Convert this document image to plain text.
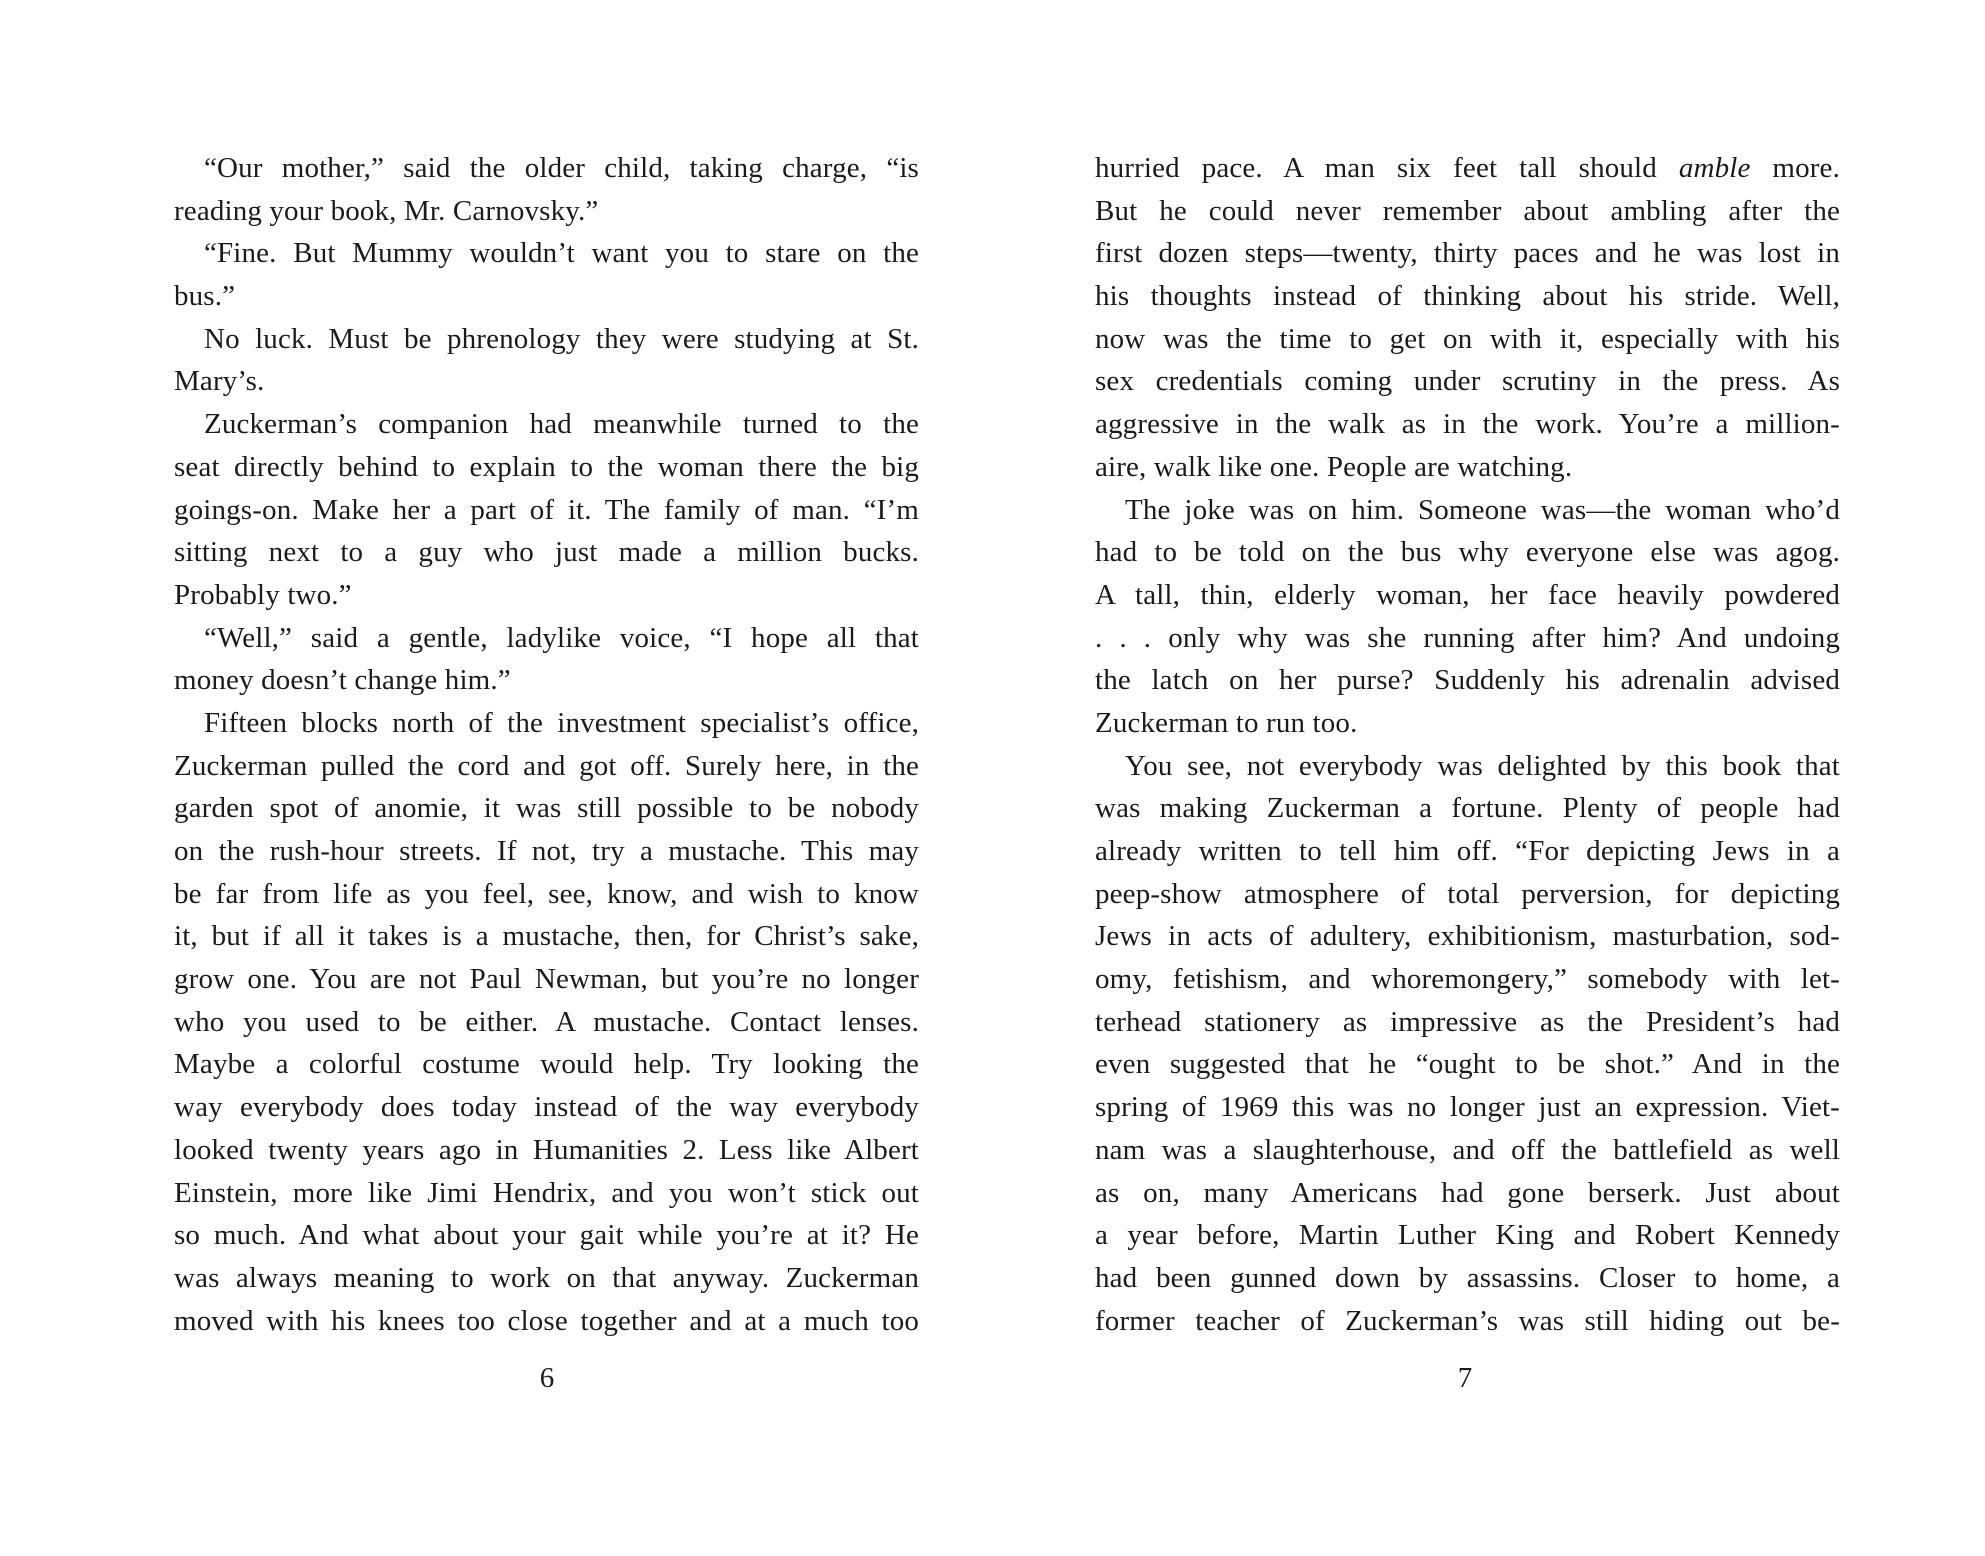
“Our mother,” said the older child, taking charge, “is
reading your book, Mr. Carnovsky.”
“Fine. But Mummy wouldn’t want you to stare on the
bus.”
No luck. Must be phrenology they were studying at St.
Mary’s.
Zuckerman’s companion had meanwhile turned to the
seat directly behind to explain to the woman there the big
goings-on. Make her a part of it. The family of man. “I’m
sitting next to a guy who just made a million bucks.
Probably two.”
“Well,” said a gentle, ladylike voice, “I hope all that
money doesn’t change him.”
Fifteen blocks north of the investment specialist’s office,
Zuckerman pulled the cord and got off. Surely here, in the
garden spot of anomie, it was still possible to be nobody
on the rush-hour streets. If not, try a mustache. This may
be far from life as you feel, see, know, and wish to know
it, but if all it takes is a mustache, then, for Christ’s sake,
grow one. You are not Paul Newman, but you’re no longer
who you used to be either. A mustache. Contact lenses.
Maybe a colorful costume would help. Try looking the
way everybody does today instead of the way everybody
looked twenty years ago in Humanities 2. Less like Albert
Einstein, more like Jimi Hendrix, and you won’t stick out
so much. And what about your gait while you’re at it? He
was always meaning to work on that anyway. Zuckerman
moved with his knees too close together and at a much too
6
hurried pace. A man six feet tall should amble more.
But he could never remember about ambling after the
first dozen steps—twenty, thirty paces and he was lost in
his thoughts instead of thinking about his stride. Well,
now was the time to get on with it, especially with his
sex credentials coming under scrutiny in the press. As
aggressive in the walk as in the work. You’re a million-
aire, walk like one. People are watching.
The joke was on him. Someone was—the woman who’d
had to be told on the bus why everyone else was agog.
A tall, thin, elderly woman, her face heavily powdered
. . . only why was she running after him? And undoing
the latch on her purse? Suddenly his adrenalin advised
Zuckerman to run too.
You see, not everybody was delighted by this book that
was making Zuckerman a fortune. Plenty of people had
already written to tell him off. “For depicting Jews in a
peep-show atmosphere of total perversion, for depicting
Jews in acts of adultery, exhibitionism, masturbation, sod-
omy, fetishism, and whoremongery,” somebody with let-
terhead stationery as impressive as the President’s had
even suggested that he “ought to be shot.” And in the
spring of 1969 this was no longer just an expression. Viet-
nam was a slaughterhouse, and off the battlefield as well
as on, many Americans had gone berserk. Just about
a year before, Martin Luther King and Robert Kennedy
had been gunned down by assassins. Closer to home, a
former teacher of Zuckerman’s was still hiding out be-
7
